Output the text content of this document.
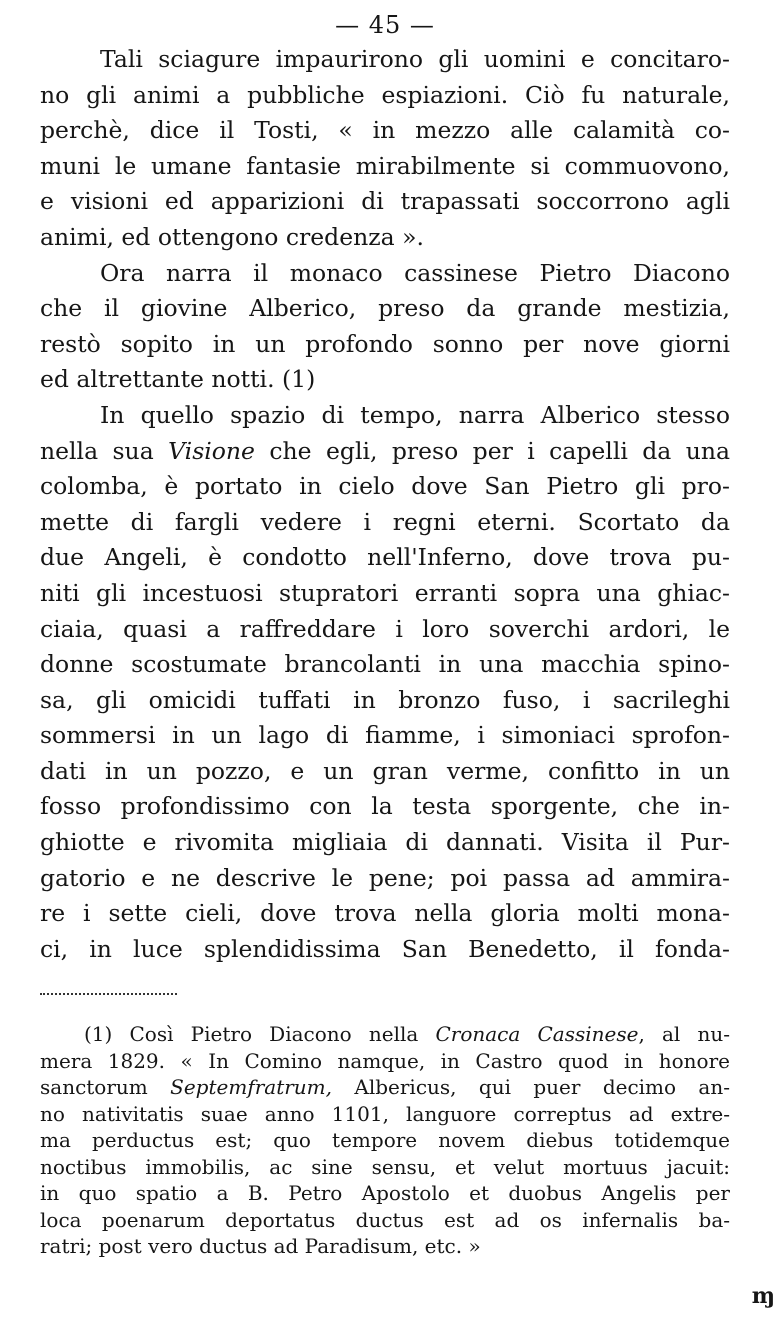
— 45 —
Tali sciagure impaurirono gli uomini e concitaro-
no gli animi a pubbliche espiazioni. Ciò fu naturale,
perchè, dice il Tosti, « in mezzo alle calamità co-
muni le umane fantasie mirabilmente si commuovono,
e visioni ed apparizioni di trapassati soccorrono agli
animi, ed ottengono credenza ».
Ora narra il monaco cassinese Pietro Diacono
che il giovine Alberico, preso da grande mestizia,
restò sopito in un profondo sonno per nove giorni
ed altrettante notti. (1)
In quello spazio di tempo, narra Alberico stesso
nella sua Visione che egli, preso per i capelli da una
colomba, è portato in cielo dove San Pietro gli pro-
mette di fargli vedere i regni eterni. Scortato da
due Angeli, è condotto nell'Inferno, dove trova pu-
niti gli incestuosi stupratori erranti sopra una ghiac-
ciaia, quasi a raffreddare i loro soverchi ardori, le
donne scostumate brancolanti in una macchia spino-
sa, gli omicidi tuffati in bronzo fuso, i sacrileghi
sommersi in un lago di fiamme, i simoniaci sprofon-
dati in un pozzo, e un gran verme, confitto in un
fosso profondissimo con la testa sporgente, che in-
ghiotte e rivomita migliaia di dannati. Visita il Pur-
gatorio e ne descrive le pene; poi passa ad ammira-
re i sette cieli, dove trova nella gloria molti mona-
ci, in luce splendidissima San Benedetto, il fonda-
(1) Così Pietro Diacono nella Cronaca Cassinese, al nu-
mera 1829. « In Comino namque, in Castro quod in honore
sanctorum Septemfratrum, Albericus, qui puer decimo an-
no nativitatis suae anno 1101, languore correptus ad extre-
ma perductus est; quo tempore novem diebus totidemque
noctibus immobilis, ac sine sensu, et velut mortuus jacuit:
in quo spatio a B. Petro Apostolo et duobus Angelis per
loca poenarum deportatus ductus est ad os infernalis ba-
ratri; post vero ductus ad Paradisum, etc. »
ɱ
